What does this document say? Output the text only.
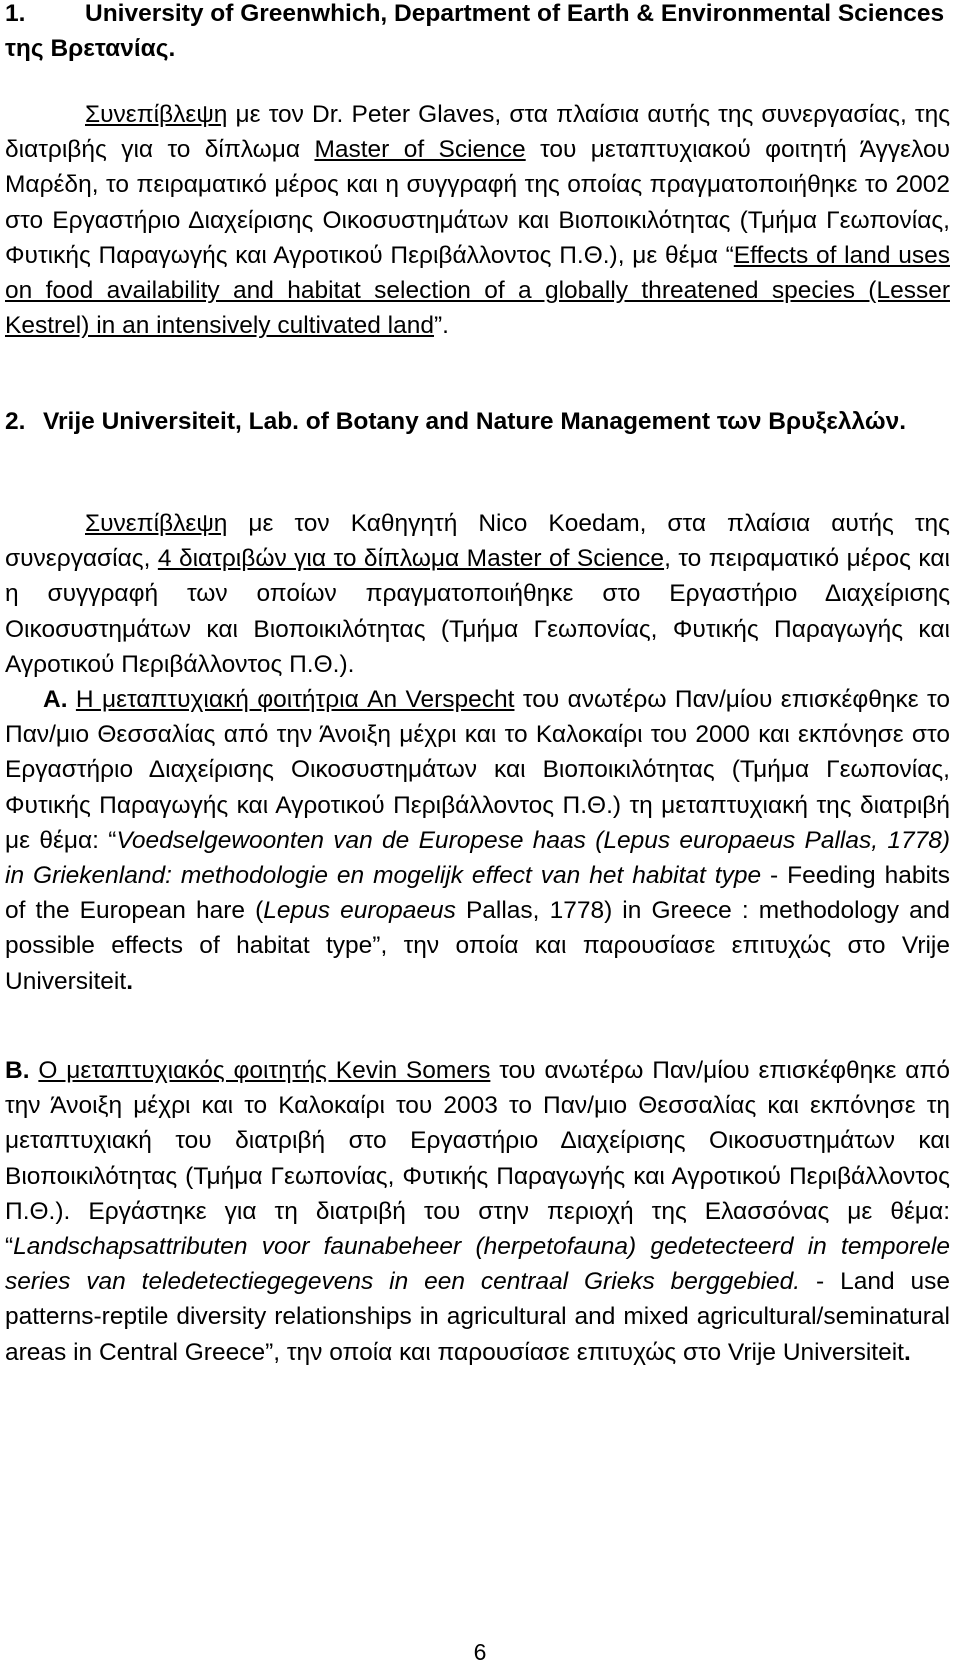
1. University of Greenwhich, Department of Earth & Environmental Sciences της Βρετανίας.

Συνεπίβλεψη με τον Dr. Peter Glaves, στα πλαίσια αυτής της συνεργασίας, της διατριβής για το δίπλωμα Master of Science του μεταπτυχιακού φοιτητή Άγγελου Μαρέδη, το πειραματικό μέρος και η συγγραφή της οποίας πραγματοποιήθηκε το 2002 στο Εργαστήριο Διαχείρισης Οικοσυστημάτων και Βιοποικιλότητας (Τμήμα Γεωπονίας, Φυτικής Παραγωγής και Αγροτικού Περιβάλλοντος Π.Θ.), με θέμα “Effects of land uses on food availability and habitat selection of a globally threatened species (Lesser Kestrel) in an intensively cultivated land”.

2. Vrije Universiteit, Lab. of Botany and Nature Management των Βρυξελλών.

Συνεπίβλεψη με τον Καθηγητή Nico Koedam, στα πλαίσια αυτής της συνεργασίας, 4 διατριβών για το δίπλωμα Master of Science, το πειραματικό μέρος και η συγγραφή των οποίων πραγματοποιήθηκε στο Εργαστήριο Διαχείρισης Οικοσυστημάτων και Βιοποικιλότητας (Τμήμα Γεωπονίας, Φυτικής Παραγωγής και Αγροτικού Περιβάλλοντος Π.Θ.).

Α. Η μεταπτυχιακή φοιτήτρια An Verspecht του ανωτέρω Παν/μίου επισκέφθηκε το Παν/μιο Θεσσαλίας από την Άνοιξη μέχρι και το Καλοκαίρι του 2000 και εκπόνησε στο Εργαστήριο Διαχείρισης Οικοσυστημάτων και Βιοποικιλότητας (Τμήμα Γεωπονίας, Φυτικής Παραγωγής και Αγροτικού Περιβάλλοντος Π.Θ.) τη μεταπτυχιακή της διατριβή με θέμα: “Voedselgewoonten van de Europese haas (Lepus europaeus Pallas, 1778) in Griekenland: methodologie en mogelijk effect van het habitat type - Feeding habits of the European hare (Lepus europaeus Pallas, 1778) in Greece : methodology and possible effects of habitat type”, την οποία και παρουσίασε επιτυχώς στο Vrije Universiteit.

Β. Ο μεταπτυχιακός φοιτητής Kevin Somers του ανωτέρω Παν/μίου επισκέφθηκε από την Άνοιξη μέχρι και το Καλοκαίρι του 2003 το Παν/μιο Θεσσαλίας και εκπόνησε τη μεταπτυχιακή του διατριβή στο Εργαστήριο Διαχείρισης Οικοσυστημάτων και Βιοποικιλότητας (Τμήμα Γεωπονίας, Φυτικής Παραγωγής και Αγροτικού Περιβάλλοντος Π.Θ.). Εργάστηκε για τη διατριβή του στην περιοχή της Ελασσόνας με θέμα: “Landschapsattributen voor faunabeheer (herpetofauna) gedetecteerd in temporele series van teledetectiegegevens in een centraal Grieks berggebied. - Land use patterns-reptile diversity relationships in agricultural and mixed agricultural/seminatural areas in Central Greece”, την οποία και παρουσίασε επιτυχώς στο Vrije Universiteit.

6
